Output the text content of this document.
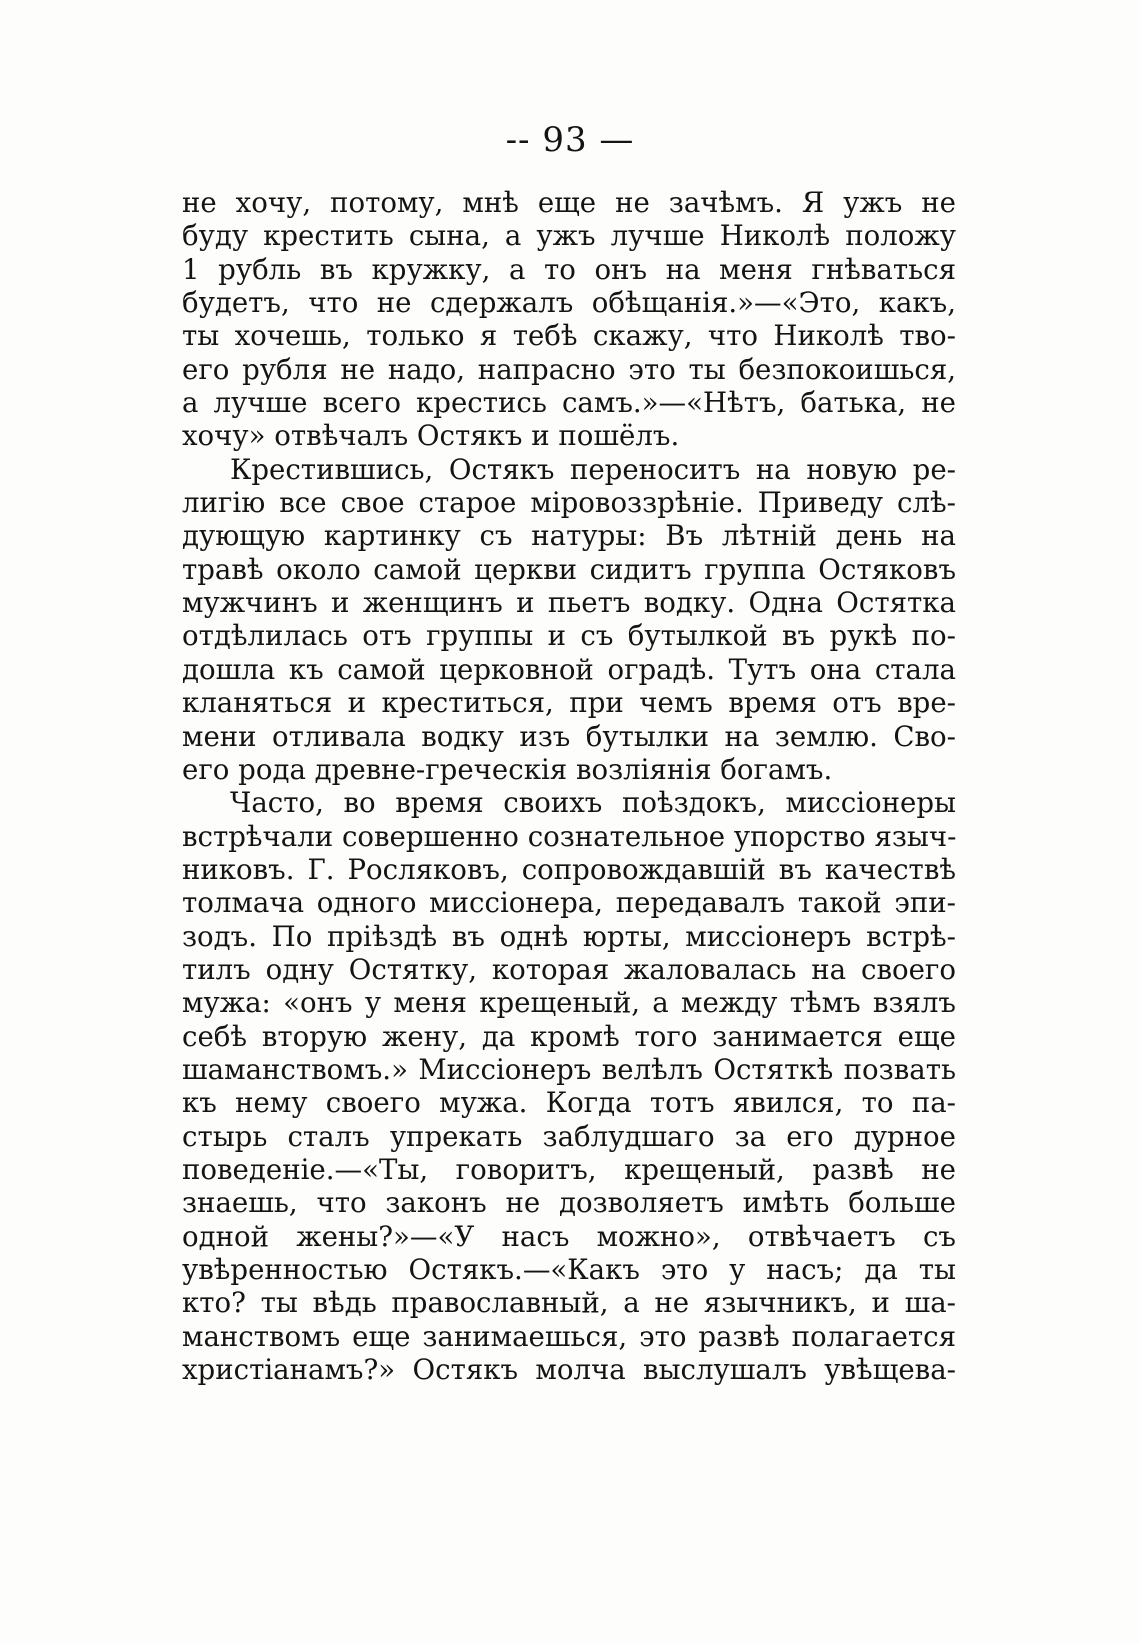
-- 93 —
не хочу, потому, мнѣ еще не зачѣмъ. Я ужъ не
буду крестить сына, а ужъ лучше Николѣ положу
1 рубль въ кружку, а то онъ на меня гнѣваться
будетъ, что не сдержалъ обѣщанія.»—«Это, какъ,
ты хочешь, только я тебѣ скажу, что Николѣ тво-
его рубля не надо, напрасно это ты безпокоишься,
а лучше всего крестись самъ.»—«Нѣтъ, батька, не
хочу» отвѣчалъ Остякъ и пошёлъ.
Крестившись, Остякъ переноситъ на новую ре-
лигію все свое старое міровоззрѣніе. Приведу слѣ-
дующую картинку съ натуры: Въ лѣтній день на
травѣ около самой церкви сидитъ группа Остяковъ
мужчинъ и женщинъ и пьетъ водку. Одна Остятка
отдѣлилась отъ группы и съ бутылкой въ рукѣ по-
дошла къ самой церковной оградѣ. Тутъ она стала
кланяться и креститься, при чемъ время отъ вре-
мени отливала водку изъ бутылки на землю. Сво-
его рода древне-греческія возліянія богамъ.
Часто, во время своихъ поѣздокъ, миссіонеры
встрѣчали совершенно сознательное упорство языч-
никовъ. Г. Росляковъ, сопровождавшій въ качествѣ
толмача одного миссіонера, передавалъ такой эпи-
зодъ. По пріѣздѣ въ однѣ юрты, миссіонеръ встрѣ-
тилъ одну Остятку, которая жаловалась на своего
мужа: «онъ у меня крещеный, а между тѣмъ взялъ
себѣ вторую жену, да кромѣ того занимается еще
шаманствомъ.» Миссіонеръ велѣлъ Остяткѣ позвать
къ нему своего мужа. Когда тотъ явился, то па-
стырь сталъ упрекать заблудшаго за его дурное
поведеніе.—«Ты, говоритъ, крещеный, развѣ не
знаешь, что законъ не дозволяетъ имѣть больше
одной жены?»—«У насъ можно», отвѣчаетъ съ
увѣренностью Остякъ.—«Какъ это у насъ; да ты
кто? ты вѣдь православный, а не язычникъ, и ша-
манствомъ еще занимаешься, это развѣ полагается
христіанамъ?» Остякъ молча выслушалъ увѣщева-
